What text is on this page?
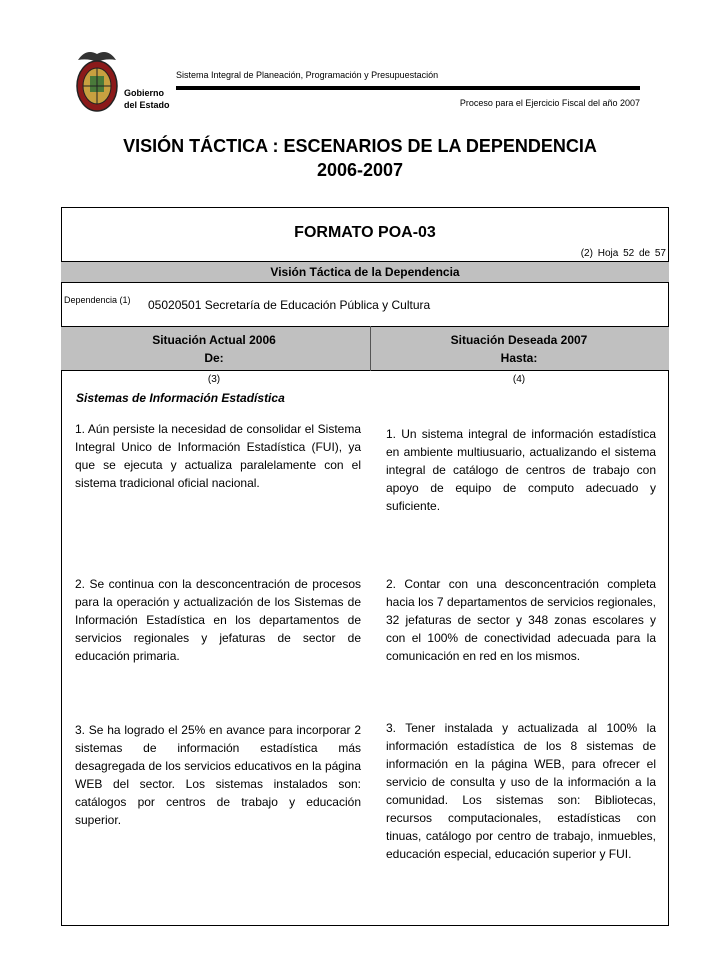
Gobierno
del Estado
Sistema Integral de Planeación, Programación y Presupuestación
Proceso para el Ejercicio Fiscal del año 2007
VISIÓN TÁCTICA : ESCENARIOS DE LA DEPENDENCIA
2006-2007
FORMATO POA-03
(2) Hoja 52 de 57
Visión Táctica de la Dependencia
Dependencia (1) 05020501 Secretaría de Educación Pública y Cultura
Situación Actual 2006
De:
Situación Deseada 2007
Hasta:
(3)	(4)
Sistemas de Información Estadística

1. Aún persiste la necesidad de consolidar el Sistema Integral Unico de Información Estadística (FUI), ya que se ejecuta y actualiza paralelamente con el sistema tradicional oficial nacional.

2. Se continua con la desconcentración de procesos para la operación y actualización de los Sistemas de Información Estadística en los departamentos de servicios regionales y jefaturas de sector de educación primaria.

3. Se ha logrado el 25% en avance para incorporar 2 sistemas de información estadística más desagregada de los servicios educativos en la página WEB del sector. Los sistemas instalados son: catálogos por centros de trabajo y educación superior.

1. Un sistema integral de información estadística en ambiente multiusuario, actualizando el sistema integral de catálogo de centros de trabajo con apoyo de equipo de computo adecuado y suficiente.

2. Contar con una desconcentración completa hacia los 7 departamentos de servicios regionales, 32 jefaturas de sector y 348 zonas escolares y con el 100% de conectividad adecuada para la comunicación en red en los mismos.

3. Tener instalada y actualizada al 100% la información estadística de los 8 sistemas de información en la página WEB, para ofrecer el servicio de consulta y uso de la información a la comunidad. Los sistemas son: Bibliotecas, recursos computacionales, estadísticas con tinuas, catálogo por centro de trabajo, inmuebles, educación especial, educación superior y FUI.
